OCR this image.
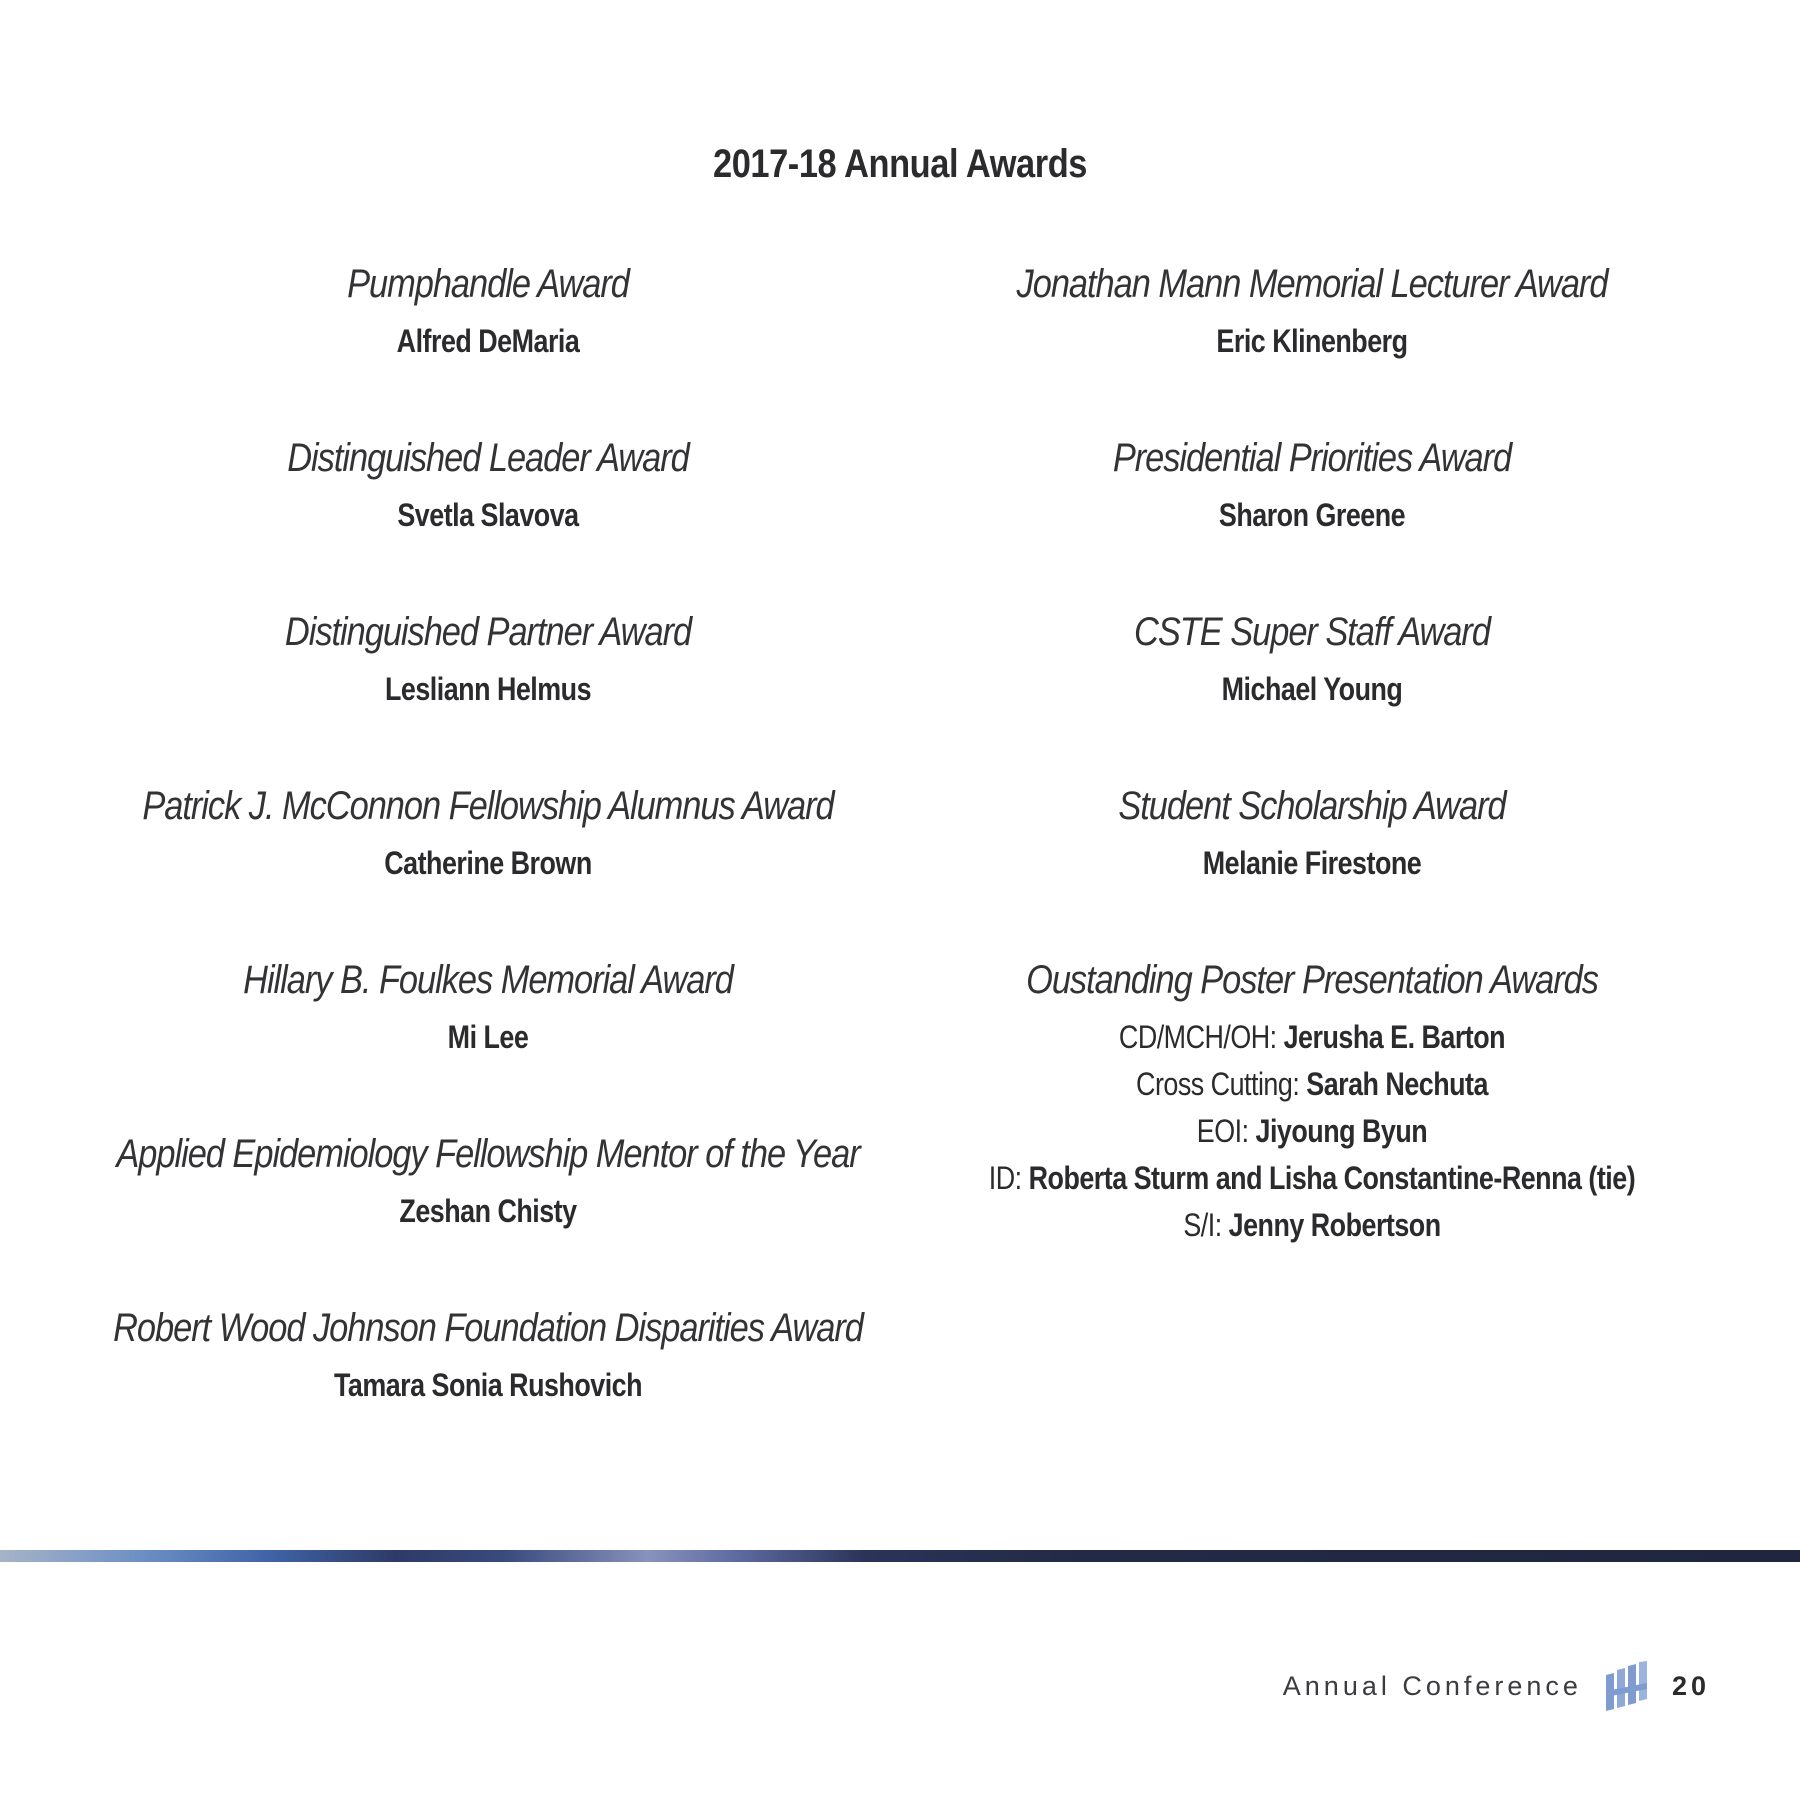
2017-18 Annual Awards
Pumphandle Award
Alfred DeMaria
Distinguished Leader Award
Svetla Slavova
Distinguished Partner Award
Lesliann Helmus
Patrick J. McConnon Fellowship Alumnus Award
Catherine Brown
Hillary B. Foulkes Memorial Award
Mi Lee
Applied Epidemiology Fellowship Mentor of the Year
Zeshan Chisty
Robert Wood Johnson Foundation Disparities Award
Tamara Sonia Rushovich
Jonathan Mann Memorial Lecturer Award
Eric Klinenberg
Presidential Priorities Award
Sharon Greene
CSTE Super Staff Award
Michael Young
Student Scholarship Award
Melanie Firestone
Oustanding Poster Presentation Awards
CD/MCH/OH: Jerusha E. Barton
Cross Cutting: Sarah Nechuta
EOI: Jiyoung Byun
ID: Roberta Sturm and Lisha Constantine-Renna (tie)
S/I: Jenny Robertson
Annual Conference	20
